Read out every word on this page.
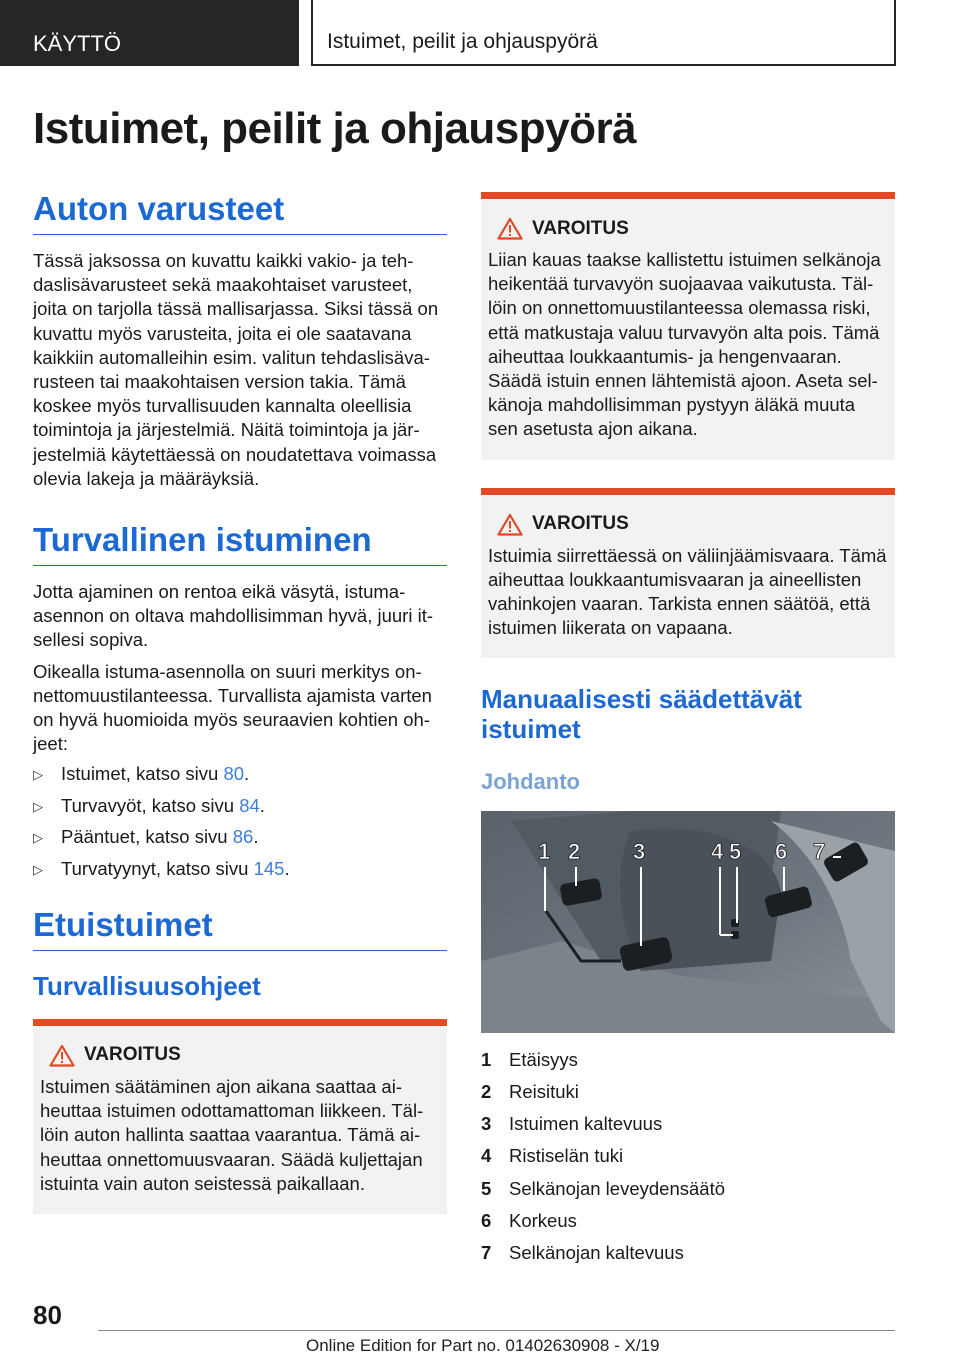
KÄYTTÖ	Istuimet, peilit ja ohjauspyörä
Istuimet, peilit ja ohjauspyörä
Auton varusteet

Tässä jaksossa on kuvattu kaikki vakio- ja tehdaslisävarusteet sekä maakohtaiset varusteet, joita on tarjolla tässä mallisarjassa. Siksi tässä on kuvattu myös varusteita, joita ei ole saatavana kaikkiin automalleihin esim. valitun tehdaslisävarusteen tai maakohtaisen version takia. Tämä koskee myös turvallisuuden kannalta oleellisia toimintoja ja järjestelmiä. Näitä toimintoja ja järjestelmiä käytettäessä on noudatettava voimassa olevia lakeja ja määräyksiä.

Turvallinen istuminen

Jotta ajaminen on rentoa eikä väsytä, istumaasennon on oltava mahdollisimman hyvä, juuri itsellesi sopiva.

Oikealla istuma-asennolla on suuri merkitys onnettomuustilanteessa. Turvallista ajamista varten on hyvä huomioida myös seuraavien kohtien ohjeet:

▷ Istuimet, katso sivu 80.
▷ Turvavyöt, katso sivu 84.
▷ Pääntuet, katso sivu 86.
▷ Turvatyynyt, katso sivu 145.
Etuistuimet
Turvallisuusohjeet
VAROITUS
Istuimen säätäminen ajon aikana saattaa aiheuttaa istuimen odottamattoman liikkeen. Tällöin auton hallinta saattaa vaarantua. Tämä aiheuttaa onnettomuusvaaran. Säädä kuljettajan istuinta vain auton seistessä paikallaan.
VAROITUS
Liian kauas taakse kallistettu istuimen selkänoja heikentää turvavyön suojaavaa vaikutusta. Tällöin on onnettomuustilanteessa olemassa riski, että matkustaja valuu turvavyön alta pois. Tämä aiheuttaa loukkaantumis- ja hengenvaaran. Säädä istuin ennen lähtemistä ajoon. Aseta selkänoja mahdollisimman pystyyn äläkä muuta sen asetusta ajon aikana.
VAROITUS
Istuimia siirrettäessä on väliinjäämisvaara. Tämä aiheuttaa loukkaantumisvaaran ja aineellisten vahinkojen vaaran. Tarkista ennen säätöä, että istuimen liikerata on vapaana.
Manuaalisesti säädettävät istuimet
Johdanto
1 2 3	4 5 6 7
1 Etäisyys
2 Reisituki
3 Istuimen kaltevuus
4 Ristiselän tuki
5 Selkänojan leveydensäätö
6 Korkeus
7 Selkänojan kaltevuus
80
Online Edition for Part no. 01402630908 - X/19
